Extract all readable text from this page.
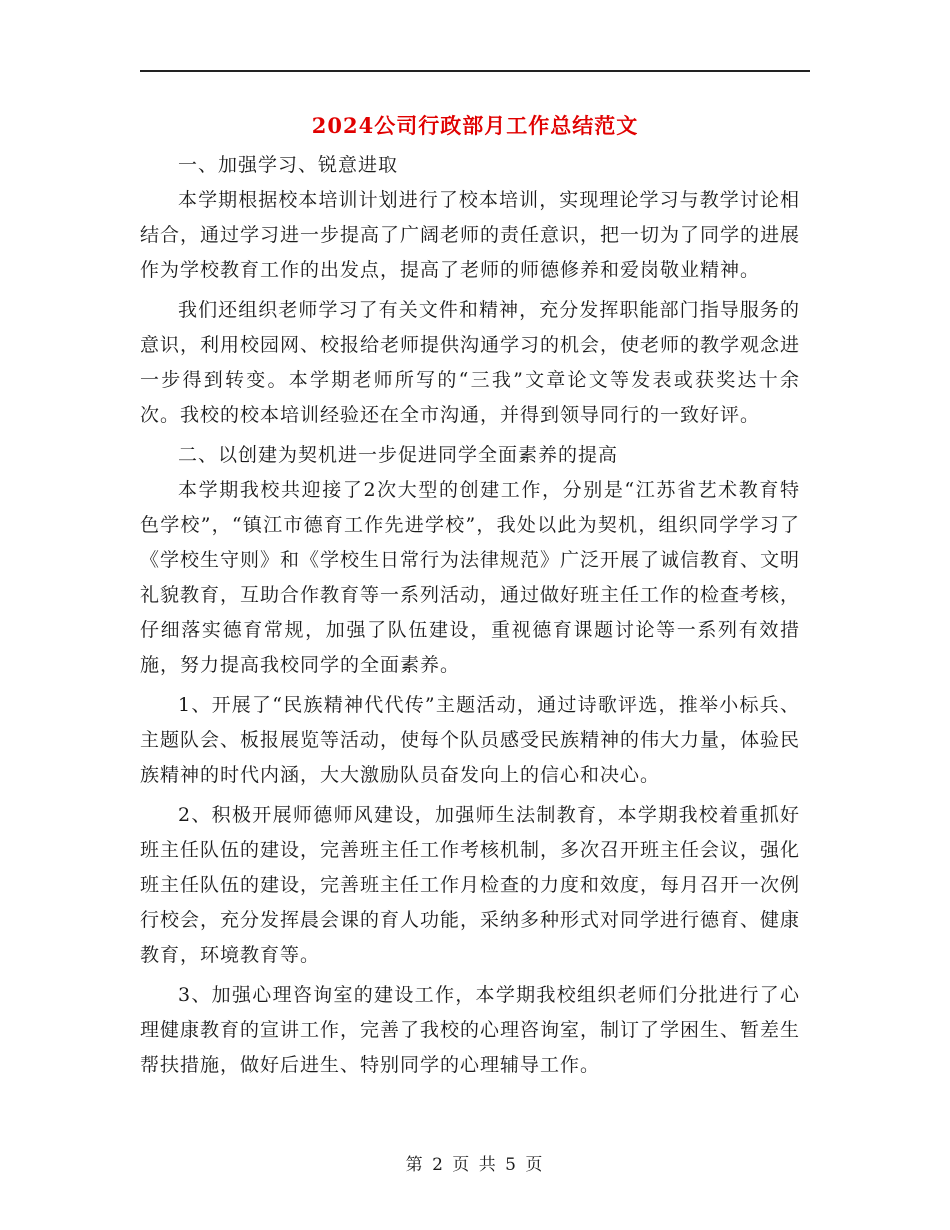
2024公司行政部月工作总结范文

一、加强学习、锐意进取

本学期根据校本培训计划进行了校本培训，实现理论学习与教学讨论相结合，通过学习进一步提高了广阔老师的责任意识，把一切为了同学的进展作为学校教育工作的出发点，提高了老师的师德修养和爱岗敬业精神。

我们还组织老师学习了有关文件和精神，充分发挥职能部门指导服务的意识，利用校园网、校报给老师提供沟通学习的机会，使老师的教学观念进一步得到转变。本学期老师所写的“三我”文章论文等发表或获奖达十余次。我校的校本培训经验还在全市沟通，并得到领导同行的一致好评。

二、以创建为契机进一步促进同学全面素养的提高

本学期我校共迎接了2次大型的创建工作，分别是“江苏省艺术教育特色学校”，“镇江市德育工作先进学校”，我处以此为契机，组织同学学习了《学校生守则》和《学校生日常行为法律规范》广泛开展了诚信教育、文明礼貌教育，互助合作教育等一系列活动，通过做好班主任工作的检查考核，仔细落实德育常规，加强了队伍建设，重视德育课题讨论等一系列有效措施，努力提高我校同学的全面素养。

1、开展了“民族精神代代传”主题活动，通过诗歌评选，推举小标兵、主题队会、板报展览等活动，使每个队员感受民族精神的伟大力量，体验民族精神的时代内涵，大大激励队员奋发向上的信心和决心。

2、积极开展师德师风建设，加强师生法制教育，本学期我校着重抓好班主任队伍的建设，完善班主任工作考核机制，多次召开班主任会议，强化班主任队伍的建设，完善班主任工作月检查的力度和效度，每月召开一次例行校会，充分发挥晨会课的育人功能，采纳多种形式对同学进行德育、健康教育，环境教育等。

3、加强心理咨询室的建设工作，本学期我校组织老师们分批进行了心理健康教育的宣讲工作，完善了我校的心理咨询室，制订了学困生、暂差生帮扶措施，做好后进生、特别同学的心理辅导工作。

第 2 页 共 5 页
